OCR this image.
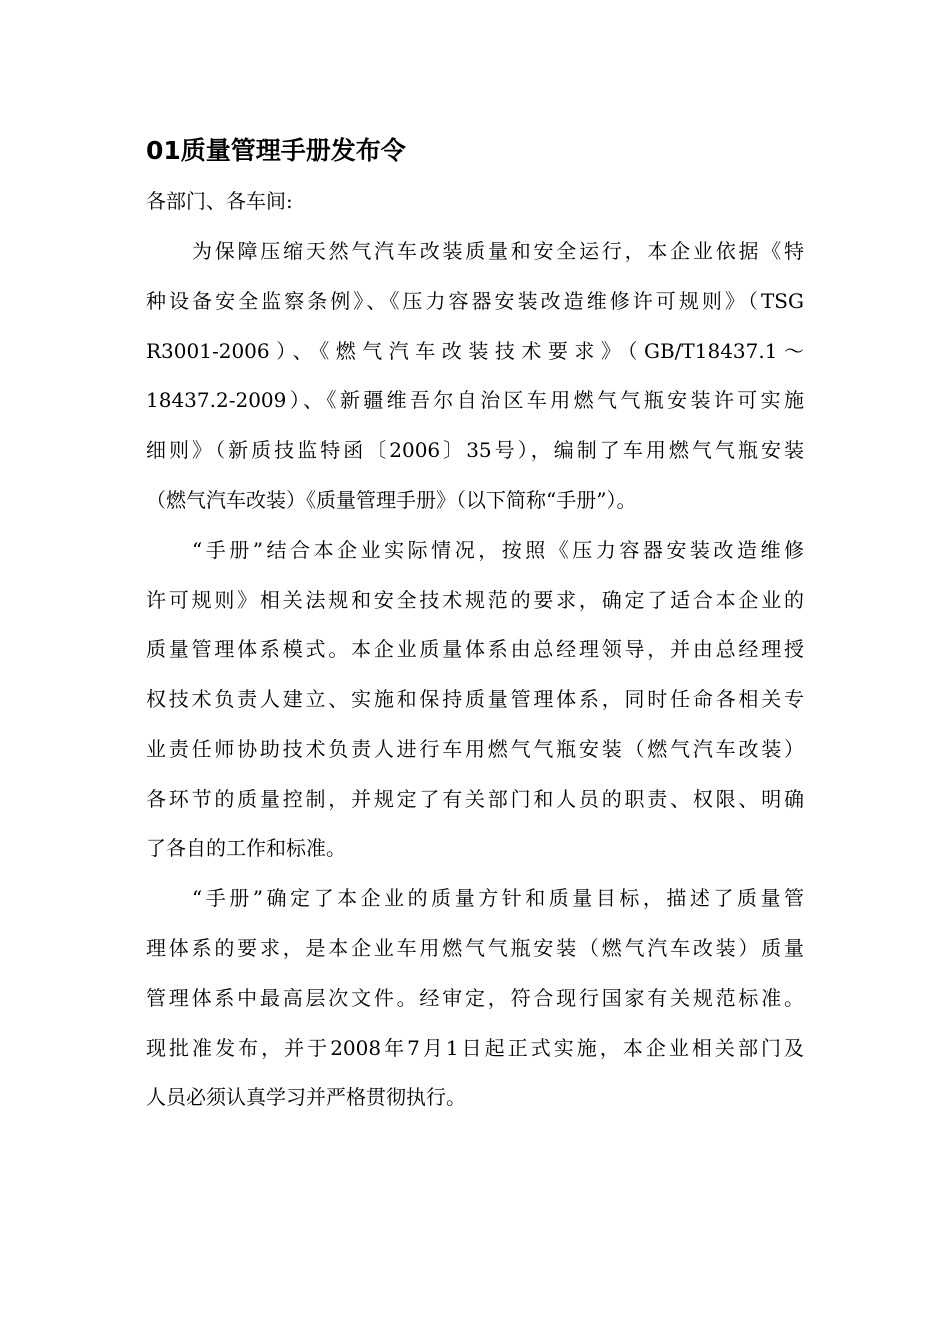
01质量管理手册发布令
各部门、各车间:
为保障压缩天然气汽车改装质量和安全运行，本企业依据《特
种设备安全监察条例》、《压力容器安装改造维修许可规则》（TSG
R3001-2006）、《燃气汽车改装技术要求》（GB/T18437.1～
18437.2-2009）、《新疆维吾尔自治区车用燃气气瓶安装许可实施
细则》（新质技监特函〔2006〕35号），编制了车用燃气气瓶安装
（燃气汽车改装）《质量管理手册》（以下简称“手册”）。
“手册”结合本企业实际情况，按照《压力容器安装改造维修
许可规则》相关法规和安全技术规范的要求，确定了适合本企业的
质量管理体系模式。本企业质量体系由总经理领导，并由总经理授
权技术负责人建立、实施和保持质量管理体系，同时任命各相关专
业责任师协助技术负责人进行车用燃气气瓶安装（燃气汽车改装）
各环节的质量控制，并规定了有关部门和人员的职责、权限、明确
了各自的工作和标准。
“手册”确定了本企业的质量方针和质量目标，描述了质量管
理体系的要求，是本企业车用燃气气瓶安装（燃气汽车改装）质量
管理体系中最高层次文件。经审定，符合现行国家有关规范标准。
现批准发布，并于2008年7月1日起正式实施，本企业相关部门及
人员必须认真学习并严格贯彻执行。
